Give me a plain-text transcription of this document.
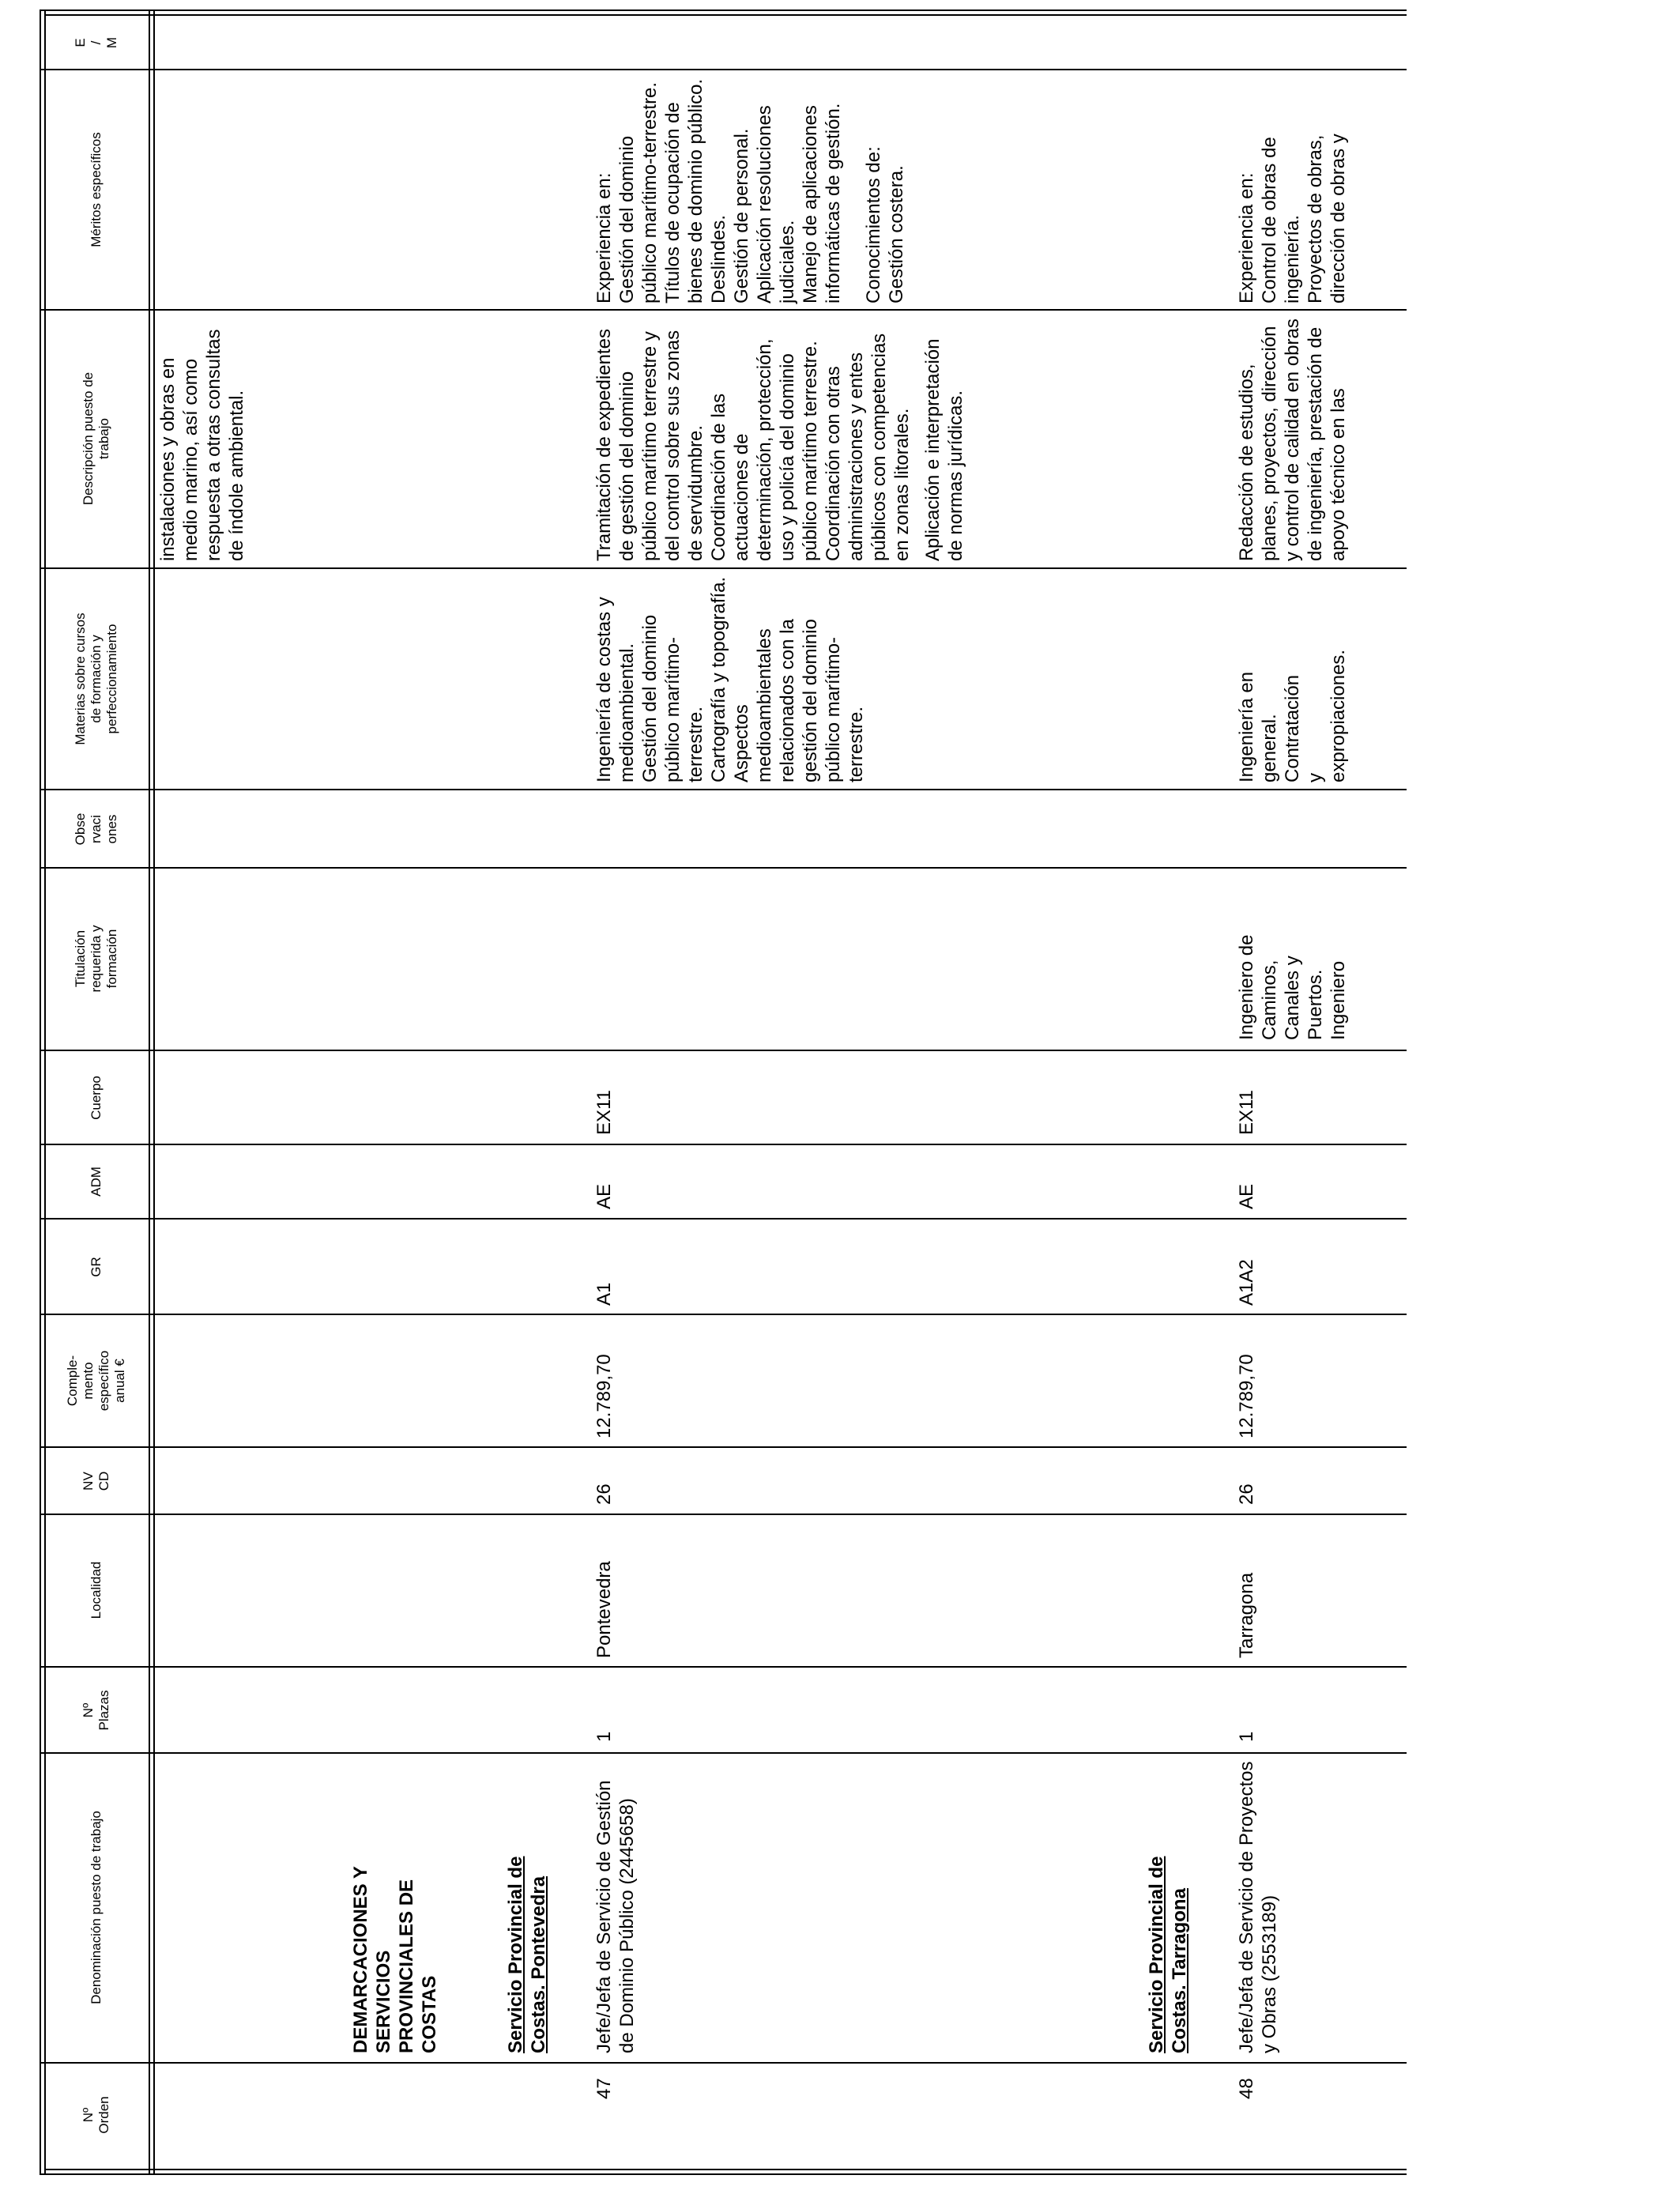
Nº Orden
Denominación puesto de trabajo
Nº Plazas
Localidad
NV CD
Comple-mento específico anual €
GR
ADM
Cuerpo
Titulación requerida y formación
Obse rvaci ones
Materias sobre cursos de formación y perfeccionamiento
Descripción puesto de trabajo
Méritos específicos
E / M

instalaciones y obras en medio marino, así como respuesta a otras consultas de índole ambiental.

DEMARCACIONES Y SERVICIOS PROVINCIALES DE COSTAS	Servicio Provincial de Costas. Pontevedra
47
Jefe/Jefa de Servicio de Gestión de Dominio Público (2445658)
1
Pontevedra
26
12.789,70
A1
AE
EX11

Ingeniería de costas y medioambiental. Gestión del dominio público marítimo-terrestre. Cartografía y topografía. Aspectos medioambientales relacionados con la gestión del dominio público marítimo-terrestre.

Tramitación de expedientes de gestión del dominio público marítimo terrestre y del control sobre sus zonas de servidumbre. Coordinación de las actuaciones de determinación, protección, uso y policía del dominio público marítimo terrestre. Coordinación con otras administraciones y entes públicos con competencias en zonas litorales. Aplicación e interpretación de normas jurídicas.

Experiencia en: Gestión del dominio público marítimo-terrestre. Títulos de ocupación de bienes de dominio público. Deslindes. Gestión de personal. Aplicación resoluciones judiciales. Manejo de aplicaciones informáticas de gestión. Conocimientos de: Gestión costera.

Servicio Provincial de Costas. Tarragona
48
Jefe/Jefa de Servicio de Proyectos y Obras (2553189)
1
Tarragona
26
12.789,70
A1A2
AE
EX11

Ingeniero de Caminos, Canales y Puertos. Ingeniero

Ingeniería en general. Contratación y expropiaciones.

Redacción de estudios, planes, proyectos, dirección y control de calidad en obras de ingeniería, prestación de apoyo técnico en las

Experiencia en: Control de obras de ingeniería. Proyectos de obras, dirección de obras y
